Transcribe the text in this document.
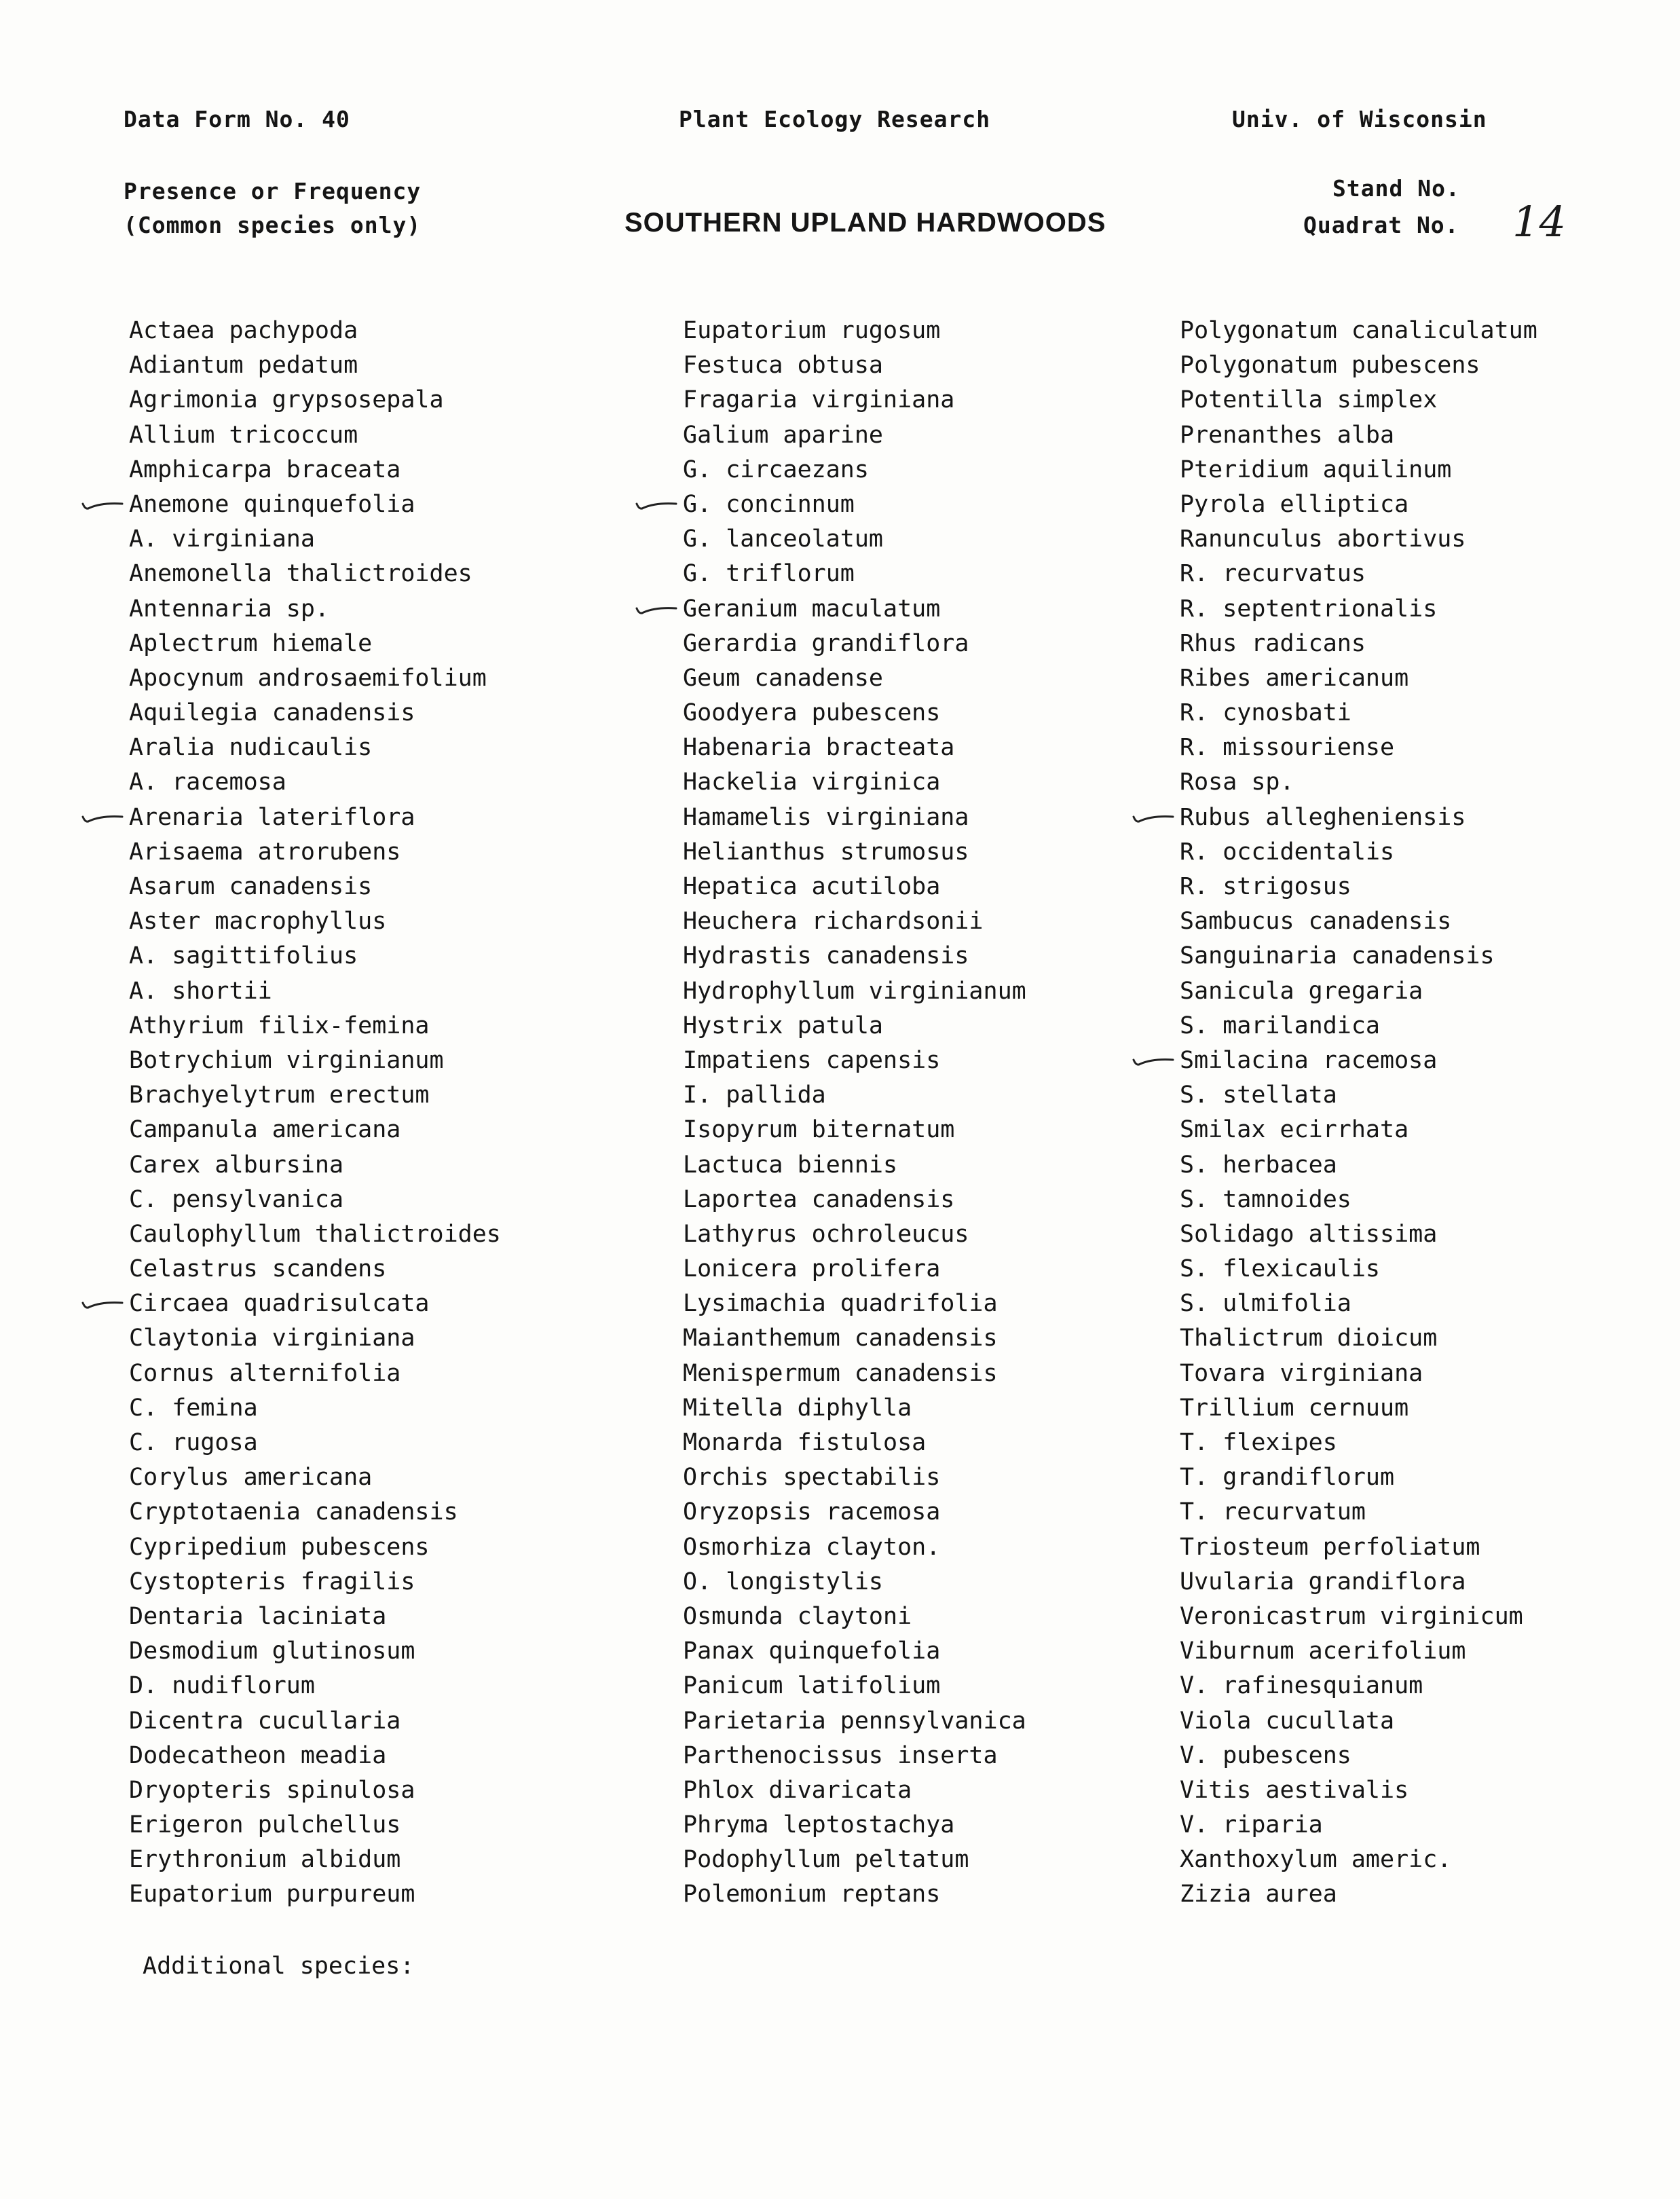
Data Form No. 40	Plant Ecology Research	Univ. of Wisconsin
Presence or Frequency
(Common species only)	SOUTHERN UPLAND HARDWOODS
Stand No.
Quadrat No. 14
Actaea pachypoda
Adiantum pedatum
Agrimonia grypsosepala
Allium tricoccum
Amphicarpa braceata
Anemone quinquefolia
A. virginiana
Anemonella thalictroides
Antennaria sp.
Aplectrum hiemale
Apocynum androsaemifolium
Aquilegia canadensis
Aralia nudicaulis
A. racemosa
Arenaria lateriflora
Arisaema atrorubens
Asarum canadensis
Aster macrophyllus
A. sagittifolius
A. shortii
Athyrium filix-femina
Botrychium virginianum
Brachyelytrum erectum
Campanula americana
Carex albursina
C. pensylvanica
Caulophyllum thalictroides
Celastrus scandens
Circaea quadrisulcata
Claytonia virginiana
Cornus alternifolia
C. femina
C. rugosa
Corylus americana
Cryptotaenia canadensis
Cypripedium pubescens
Cystopteris fragilis
Dentaria laciniata
Desmodium glutinosum
D. nudiflorum
Dicentra cucullaria
Dodecatheon meadia
Dryopteris spinulosa
Erigeron pulchellus
Erythronium albidum
Eupatorium purpureum
Eupatorium rugosum
Festuca obtusa
Fragaria virginiana
Galium aparine
G. circaezans
G. concinnum
G. lanceolatum
G. triflorum
Geranium maculatum
Gerardia grandiflora
Geum canadense
Goodyera pubescens
Habenaria bracteata
Hackelia virginica
Hamamelis virginiana
Helianthus strumosus
Hepatica acutiloba
Heuchera richardsonii
Hydrastis canadensis
Hydrophyllum virginianum
Hystrix patula
Impatiens capensis
I. pallida
Isopyrum biternatum
Lactuca biennis
Laportea canadensis
Lathyrus ochroleucus
Lonicera prolifera
Lysimachia quadrifolia
Maianthemum canadensis
Menispermum canadensis
Mitella diphylla
Monarda fistulosa
Orchis spectabilis
Oryzopsis racemosa
Osmorhiza clayton.
O. longistylis
Osmunda claytoni
Panax quinquefolia
Panicum latifolium
Parietaria pennsylvanica
Parthenocissus inserta
Phlox divaricata
Phryma leptostachya
Podophyllum peltatum
Polemonium reptans
Polygonatum canaliculatum
Polygonatum pubescens
Potentilla simplex
Prenanthes alba
Pteridium aquilinum
Pyrola elliptica
Ranunculus abortivus
R. recurvatus
R. septentrionalis
Rhus radicans
Ribes americanum
R. cynosbati
R. missouriense
Rosa sp.
Rubus allegheniensis
R. occidentalis
R. strigosus
Sambucus canadensis
Sanguinaria canadensis
Sanicula gregaria
S. marilandica
Smilacina racemosa
S. stellata
Smilax ecirrhata
S. herbacea
S. tamnoides
Solidago altissima
S. flexicaulis
S. ulmifolia
Thalictrum dioicum
Tovara virginiana
Trillium cernuum
T. flexipes
T. grandiflorum
T. recurvatum
Triosteum perfoliatum
Uvularia grandiflora
Veronicastrum virginicum
Viburnum acerifolium
V. rafinesquianum
Viola cucullata
V. pubescens
Vitis aestivalis
V. riparia
Xanthoxylum americ.
Zizia aurea
Additional species:
